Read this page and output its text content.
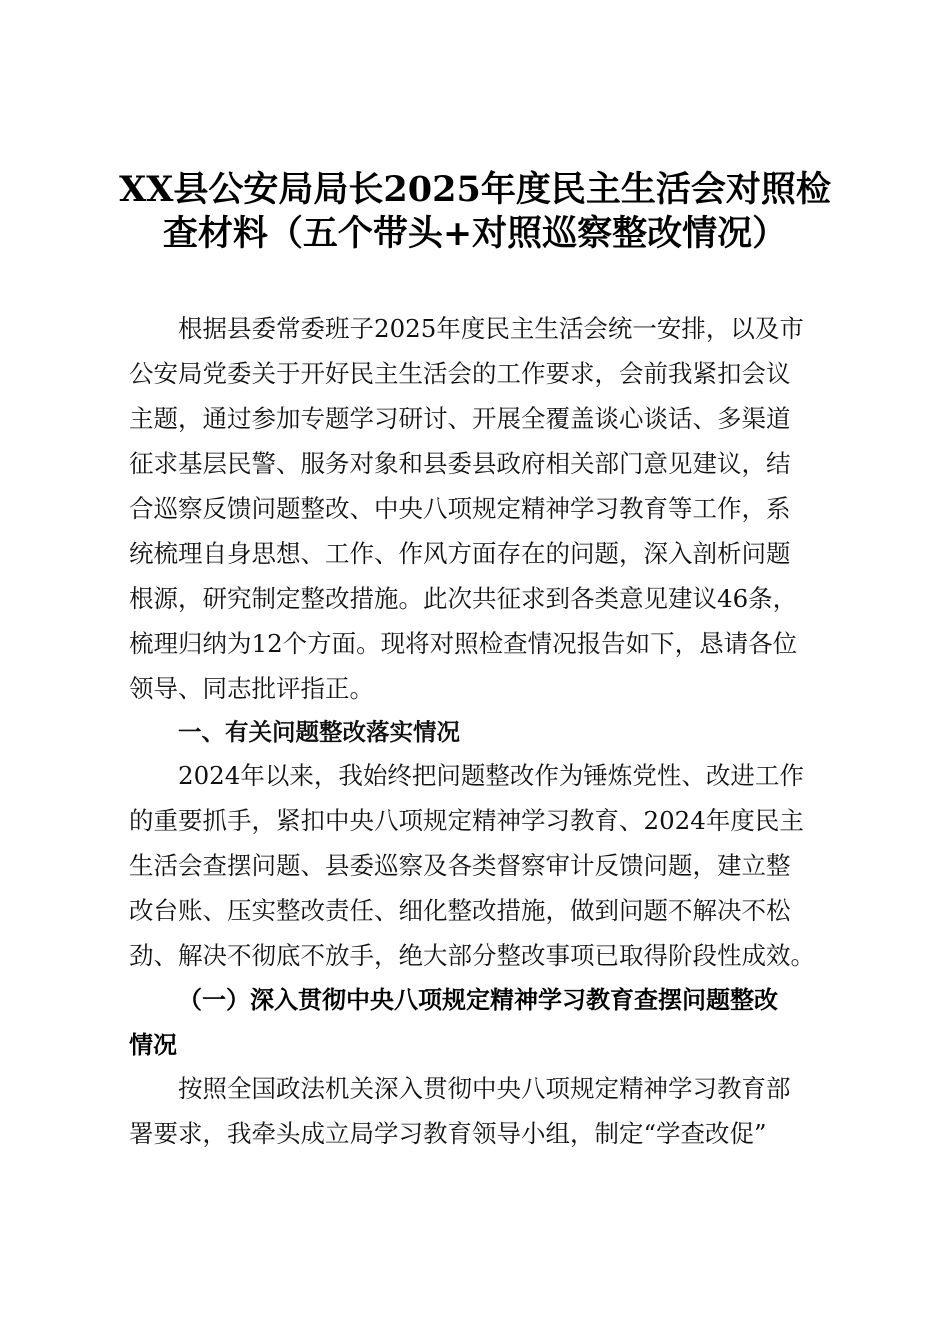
XX县公安局局长2025年度民主生活会对照检
查材料（五个带头+对照巡察整改情况）
根据县委常委班子2025年度民主生活会统一安排，以及市
公安局党委关于开好民主生活会的工作要求，会前我紧扣会议
主题，通过参加专题学习研讨、开展全覆盖谈心谈话、多渠道
征求基层民警、服务对象和县委县政府相关部门意见建议，结
合巡察反馈问题整改、中央八项规定精神学习教育等工作，系
统梳理自身思想、工作、作风方面存在的问题，深入剖析问题
根源，研究制定整改措施。此次共征求到各类意见建议46条，
梳理归纳为12个方面。现将对照检查情况报告如下，恳请各位
领导、同志批评指正。
一、有关问题整改落实情况
2024年以来，我始终把问题整改作为锤炼党性、改进工作
的重要抓手，紧扣中央八项规定精神学习教育、2024年度民主
生活会查摆问题、县委巡察及各类督察审计反馈问题，建立整
改台账、压实整改责任、细化整改措施，做到问题不解决不松
劲、解决不彻底不放手，绝大部分整改事项已取得阶段性成效。
（一）深入贯彻中央八项规定精神学习教育查摆问题整改
情况
按照全国政法机关深入贯彻中央八项规定精神学习教育部
署要求，我牵头成立局学习教育领导小组，制定“学查改促”
